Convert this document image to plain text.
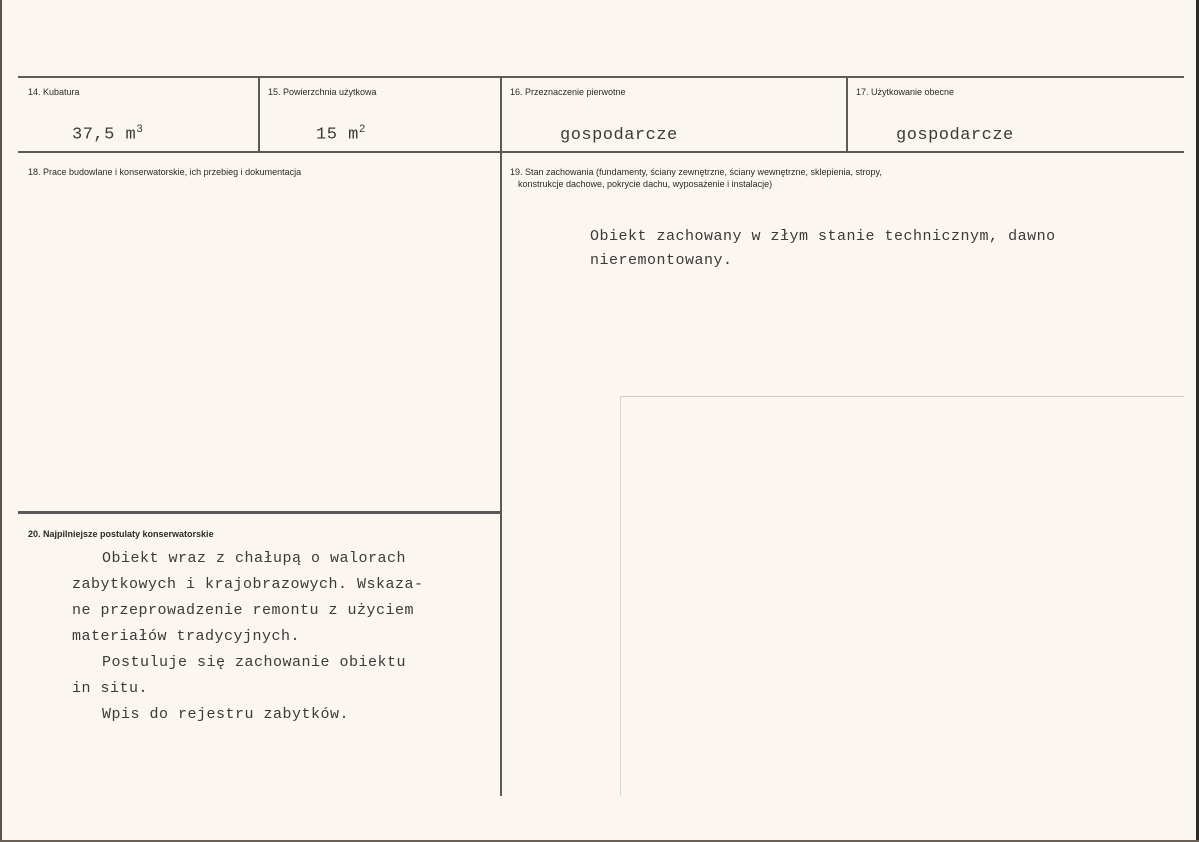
14. Kubatura
37,5 $m^3$
15. Powierzchnia użytkowa
15 $m^2$
16. Przeznaczenie pierwotne
gospodarcze
17. Użytkowanie obecne
gospodarcze
18. Prace budowlane i konserwatorskie, ich przebieg i dokumentacja	19. Stan zachowania (fundamenty, ściany zewnętrzne, ściany wewnętrzne, sklepienia, stropy,
konstrukcje dachowe, pokrycie dachu, wyposażenie i instalacje)
Obiekt zachowany w złym stanie technicznym, dawno
nieremontowany.
20. Najpilniejsze postulaty konserwatorskie
Obiekt wraz z chałupą o walorach
zabytkowych i krajobrazowych. Wskaza-
ne przeprowadzenie remontu z użyciem
materiałów tradycyjnych.
Postuluje się zachowanie obiektu
in situ.
Wpis do rejestru zabytków.
